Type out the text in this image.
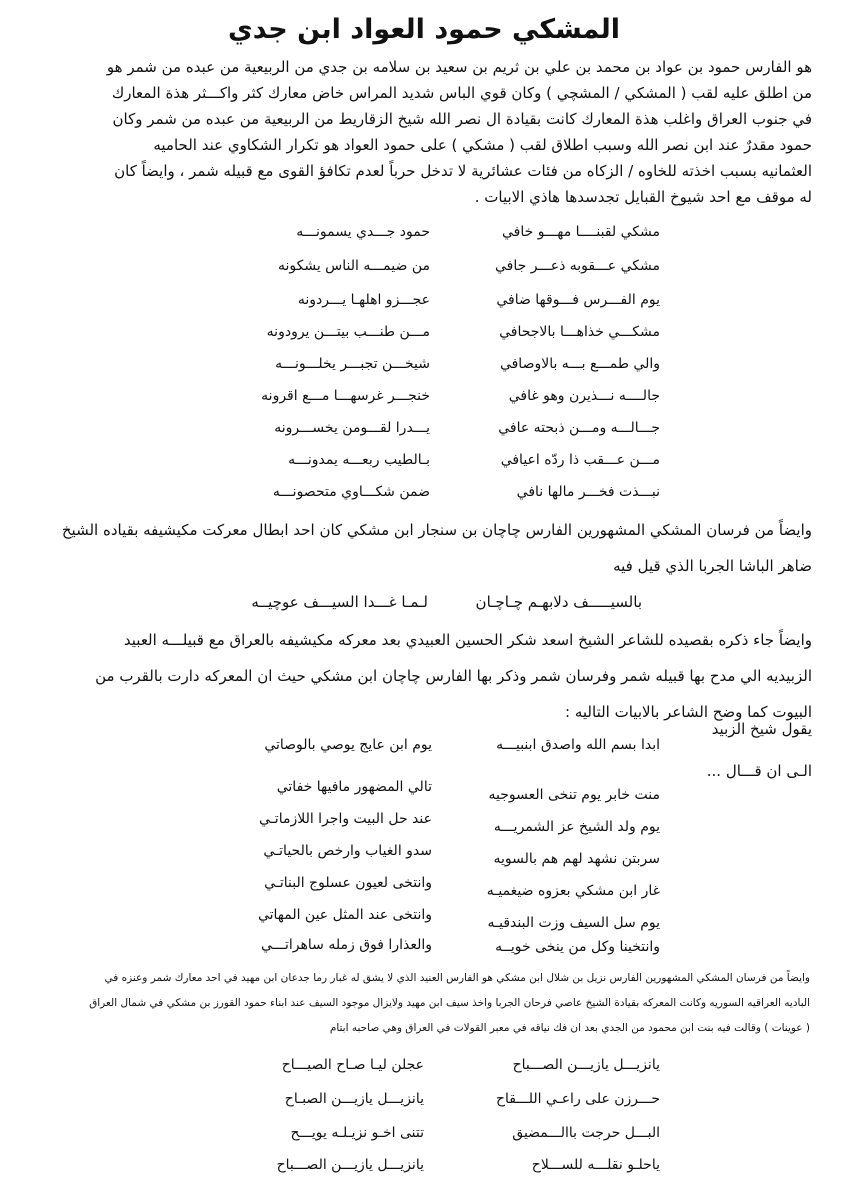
المشكي حمود العواد ابن جدي
هو الفارس حمود بن عواد بن محمد بن علي بن ثريم بن سعيد بن سلامه بن جدي من الربيعية من عبده من شمر هو
من اطلق عليه لقب ( المشكي / المشچي ) وكان قوي الباس شديد المراس خاض معارك كثر واكـــثر هذة المعارك
في جنوب العراق واغلب هذة المعارك كانت بقيادة ال نصر الله شيخ الزقاريط من الربيعية من عبده من شمر وكان
حمود مقدرٌ عند ابن نصر الله وسبب اطلاق لقب ( مشكي ) على حمود العواد هو تكرار الشكاوي عند الحاميه
العثمانيه بسبب اخذته للخاوه / الزكاه من فئات عشائرية لا تدخل حرباً لعدم تكافؤ القوى مع قبيله شمر ، وايضاً كان
له موقف مع احد شيوخ القبايل تجدسدها هاذي الابيات .
مشكي لقبنــــا مهـــو خافي
حمود جـــدي يسمونـــه
مشكي عـــقوبه ذعـــر جافي
من ضيمـــه الناس يشكونه
يوم الفـــرس فـــوقها ضافي
عجـــزو اهلهـا يـــردونه
مشكـــي خذاهـــا بالاجحافي
مـــن طنـــب بيتـــن يرودونه
والي طمـــع بـــه بالاوصافي
شيخـــن تجبـــر يخلـــونـــه
جالــــه نـــذيرن وهو غافي
خنجـــر غرسهـــا مـــع اقرونه
جـــالـــه ومـــن ذبحته عافي
يـــدرا لقـــومن يخســـرونه
مـــن عـــقب ذا ردّه اعيافي
بـالطيب ربعـــه يمدونـــه
نبـــذت فخـــر مالها نافي
ضمن شكـــاوي متحصونـــه
وايضاً من فرسان المشكي المشهورين الفارس چاچان بن سنجار ابن مشكي كان احد ابطال معركت مكيشيفه بقياده الشيخ
ضاهر الباشا الجربا الذي قيل فيه
بالسيـــــف دلابهـم چـاچـان
لـمـا غـــدا السيـــف عوچيــه
وايضاً جاء ذكره بقصيده للشاعر الشيخ اسعد شكر الحسين العبيدي بعد معركه مكيشيفه بالعراق مع قبيلـــه العبيد
الزبيديه الي مدح بها قبيله شمر وفرسان شمر وذكر بها الفارس چاچان ابن مشكي حيث ان المعركه دارت بالقرب من
البيوت كما وضح الشاعر بالابيات التاليه :
يقول شيخ الزبيد
الـى ان قـــال ...
ابدا بسم الله واصدق ابنبيـــه
يوم ابن عايج يوصي بالوصاتي
منت خابر يوم تنخى العسوجيه
تالي المضهور مافيها خفاتي
يوم ولد الشيخ عز الشمريـــه
عند حل البيت واجرا اللازماتـي
سربتن نشهد لهم هم بالسويه
سدو الغياب وارخص بالحياتـي
غار ابن مشكي بعزوه ضيغميـه
وانتخى لعيون عسلوج البناتـي
يوم سل السيف وزت البندقيـه
وانتخى عند المثل عين المهاتي
وانتخينا وكل من ينخى خويــه
والعذارا فوق زمله ساهراتـــي
وايضاً من فرسان المشكي المشهورين الفارس نزيل بن شلال ابن مشكي هو الفارس العنيد الذي لا يشق له غبار رما جدعان ابن مهيد في احد معارك شمر وعنزه في
الباديه العراقيه السوريه وكانت المعركه بقيادة الشيخ عاصي فرحان الجربا واخذ سيف ابن مهيد ولايزال موجود السيف عند ابناء حمود القورز بن مشكي في شمال العراق
( عوينات ) وقالت فيه بنت ابن محمود من الجدي بعد ان فك نياقه في معبر القولات في العراق وهي صاحبه ابتام
يانزيـــل يازيـــن الصـــباح
عجلن ليـا صـاح الصيـــاح
حـــرزن على راعـي اللـــقاح
يانزيـــل يازيـــن الصبـاح
البـــل حرجت باالـــمضيق
تتنى اخـو نزيـلـه يويـــح
ياحلـو نقلـــه للســـلاح
يانزيـــل يازيـــن الصـــباح
